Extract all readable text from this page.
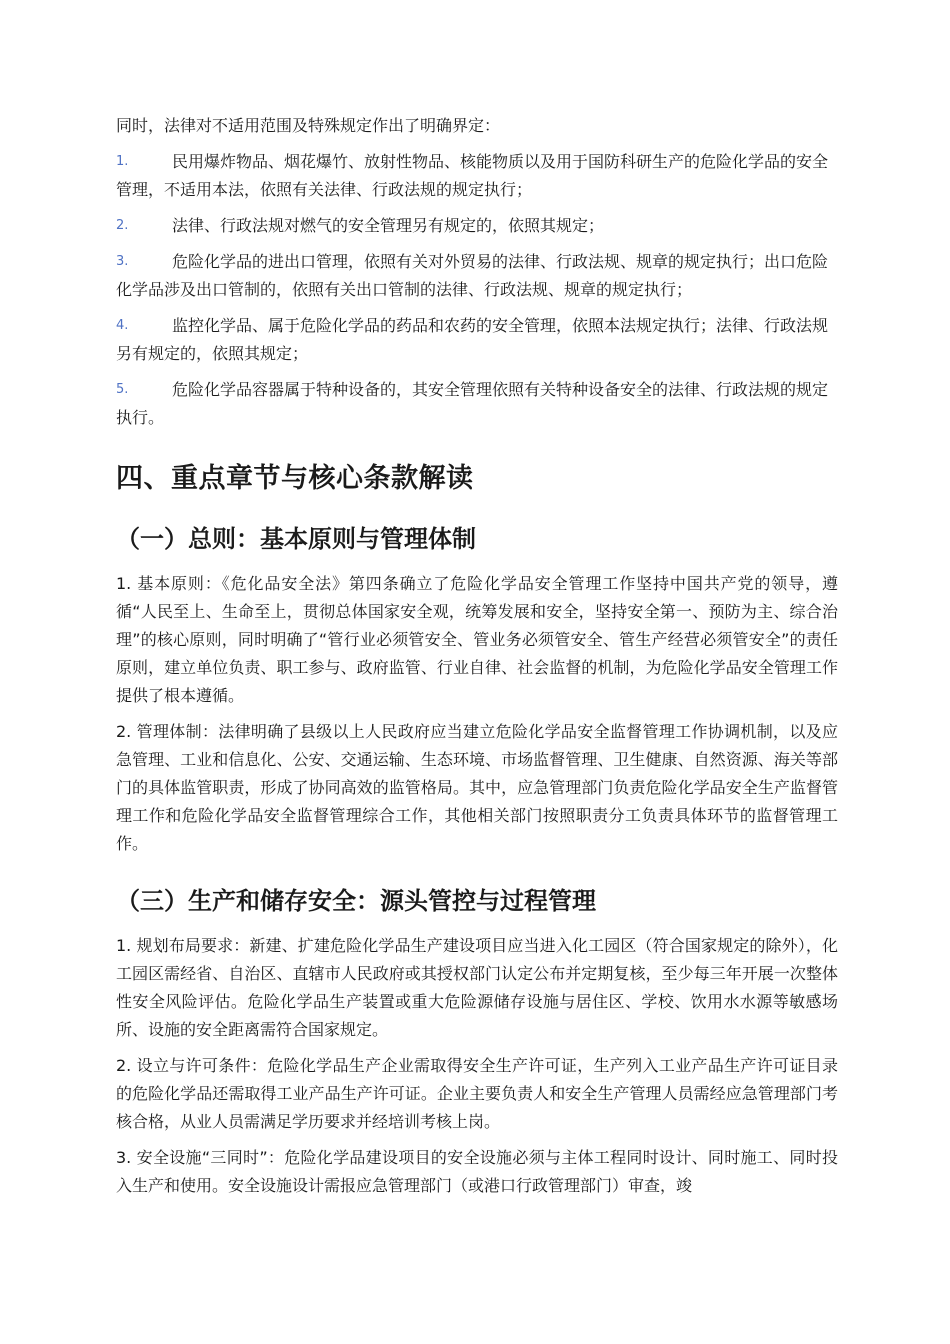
同时，法律对不适用范围及特殊规定作出了明确界定：

1.	民用爆炸物品、烟花爆竹、放射性物品、核能物质以及用于国防科研生产的危险化学品的安全管理，不适用本法，依照有关法律、行政法规的规定执行；
2.	法律、行政法规对燃气的安全管理另有规定的，依照其规定；
3.	危险化学品的进出口管理，依照有关对外贸易的法律、行政法规、规章的规定执行；出口危险化学品涉及出口管制的，依照有关出口管制的法律、行政法规、规章的规定执行；
4.	监控化学品、属于危险化学品的药品和农药的安全管理，依照本法规定执行；法律、行政法规另有规定的，依照其规定；
5.	危险化学品容器属于特种设备的，其安全管理依照有关特种设备安全的法律、行政法规的规定执行。
四、重点章节与核心条款解读
（一）总则：基本原则与管理体制

1. 基本原则：《危化品安全法》第四条确立了危险化学品安全管理工作坚持中国共产党的领导，遵循“人民至上、生命至上，贯彻总体国家安全观，统筹发展和安全，坚持安全第一、预防为主、综合治理”的核心原则，同时明确了“管行业必须管安全、管业务必须管安全、管生产经营必须管安全”的责任原则，建立单位负责、职工参与、政府监管、行业自律、社会监督的机制，为危险化学品安全管理工作提供了根本遵循。

2. 管理体制：法律明确了县级以上人民政府应当建立危险化学品安全监督管理工作协调机制，以及应急管理、工业和信息化、公安、交通运输、生态环境、市场监督管理、卫生健康、自然资源、海关等部门的具体监管职责，形成了协同高效的监管格局。其中，应急管理部门负责危险化学品安全生产监督管理工作和危险化学品安全监督管理综合工作，其他相关部门按照职责分工负责具体环节的监督管理工作。

（三）生产和储存安全：源头管控与过程管理

1. 规划布局要求：新建、扩建危险化学品生产建设项目应当进入化工园区（符合国家规定的除外），化工园区需经省、自治区、直辖市人民政府或其授权部门认定公布并定期复核，至少每三年开展一次整体性安全风险评估。危险化学品生产装置或重大危险源储存设施与居住区、学校、饮用水水源等敏感场所、设施的安全距离需符合国家规定。

2. 设立与许可条件：危险化学品生产企业需取得安全生产许可证，生产列入工业产品生产许可证目录的危险化学品还需取得工业产品生产许可证。企业主要负责人和安全生产管理人员需经应急管理部门考核合格，从业人员需满足学历要求并经培训考核上岗。

3. 安全设施“三同时”：危险化学品建设项目的安全设施必须与主体工程同时设计、同时施工、同时投入生产和使用。安全设施设计需报应急管理部门（或港口行政管理部门）审查，竣
